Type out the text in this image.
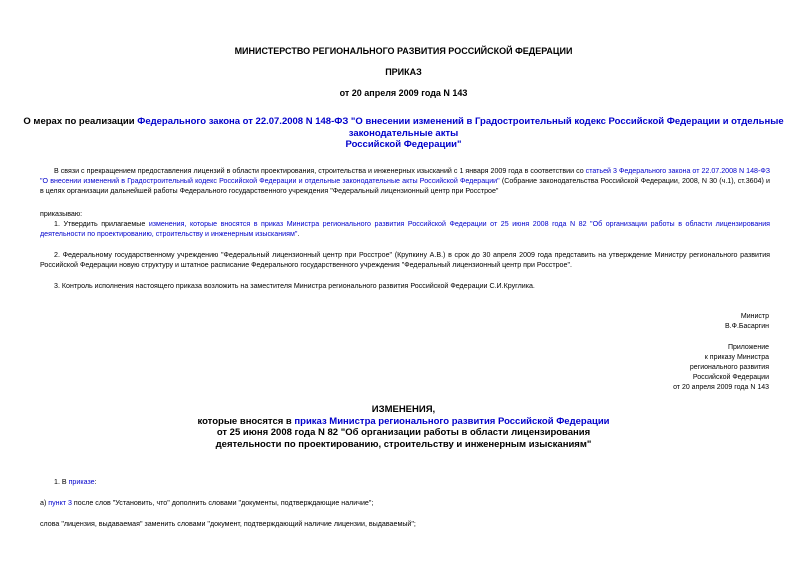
МИНИСТЕРСТВО РЕГИОНАЛЬНОГО РАЗВИТИЯ РОССИЙСКОЙ ФЕДЕРАЦИИ
ПРИКАЗ
от 20 апреля 2009 года N 143
О мерах по реализации Федерального закона от 22.07.2008 N 148-ФЗ "О внесении изменений в Градостроительный кодекс Российской Федерации и отдельные
законодательные акты
Российской Федерации"
В связи с прекращением предоставления лицензий в области проектирования, строительства и инженерных изысканий с 1 января 2009 года в соответствии со статьей 3 Федерального закона от 22.07.2008 N 148-ФЗ "О внесении изменений в Градостроительный кодекс Российской Федерации и отдельные законодательные акты Российской Федерации" (Собрание законодательства Российской Федерации, 2008, N 30 (ч.1), ст.3604) и в целях организации дальнейшей работы Федерального государственного учреждения "Федеральный лицензионный центр при Росстрое"
приказываю:
1. Утвердить прилагаемые изменения, которые вносятся в приказ Министра регионального развития Российской Федерации от 25 июня 2008 года N 82 "Об организации работы в области лицензирования деятельности по проектированию, строительству и инженерным изысканиям".
2. Федеральному государственному учреждению "Федеральный лицензионный центр при Росстрое" (Крупкину А.В.) в срок до 30 апреля 2009 года представить на утверждение Министру регионального развития Российской Федерации новую структуру и штатное расписание Федерального государственного учреждения "Федеральный лицензионный центр при Росстрое".
3. Контроль исполнения настоящего приказа возложить на заместителя Министра регионального развития Российской Федерации С.И.Круглика.
Министр
В.Ф.Басаргин
Приложение
к приказу Министра
регионального развития
Российской Федерации
от 20 апреля 2009 года N 143
ИЗМЕНЕНИЯ,
которые вносятся в приказ Министра регионального развития Российской Федерации
от 25 июня 2008 года N 82 "Об организации работы в области лицензирования
деятельности по проектированию, строительству и инженерным изысканиям"
1. В приказе:
а) пункт 3 после слов "Установить, что" дополнить словами "документы, подтверждающие наличие";
слова "лицензия, выдаваемая" заменить словами "документ, подтверждающий наличие лицензии, выдаваемый";
